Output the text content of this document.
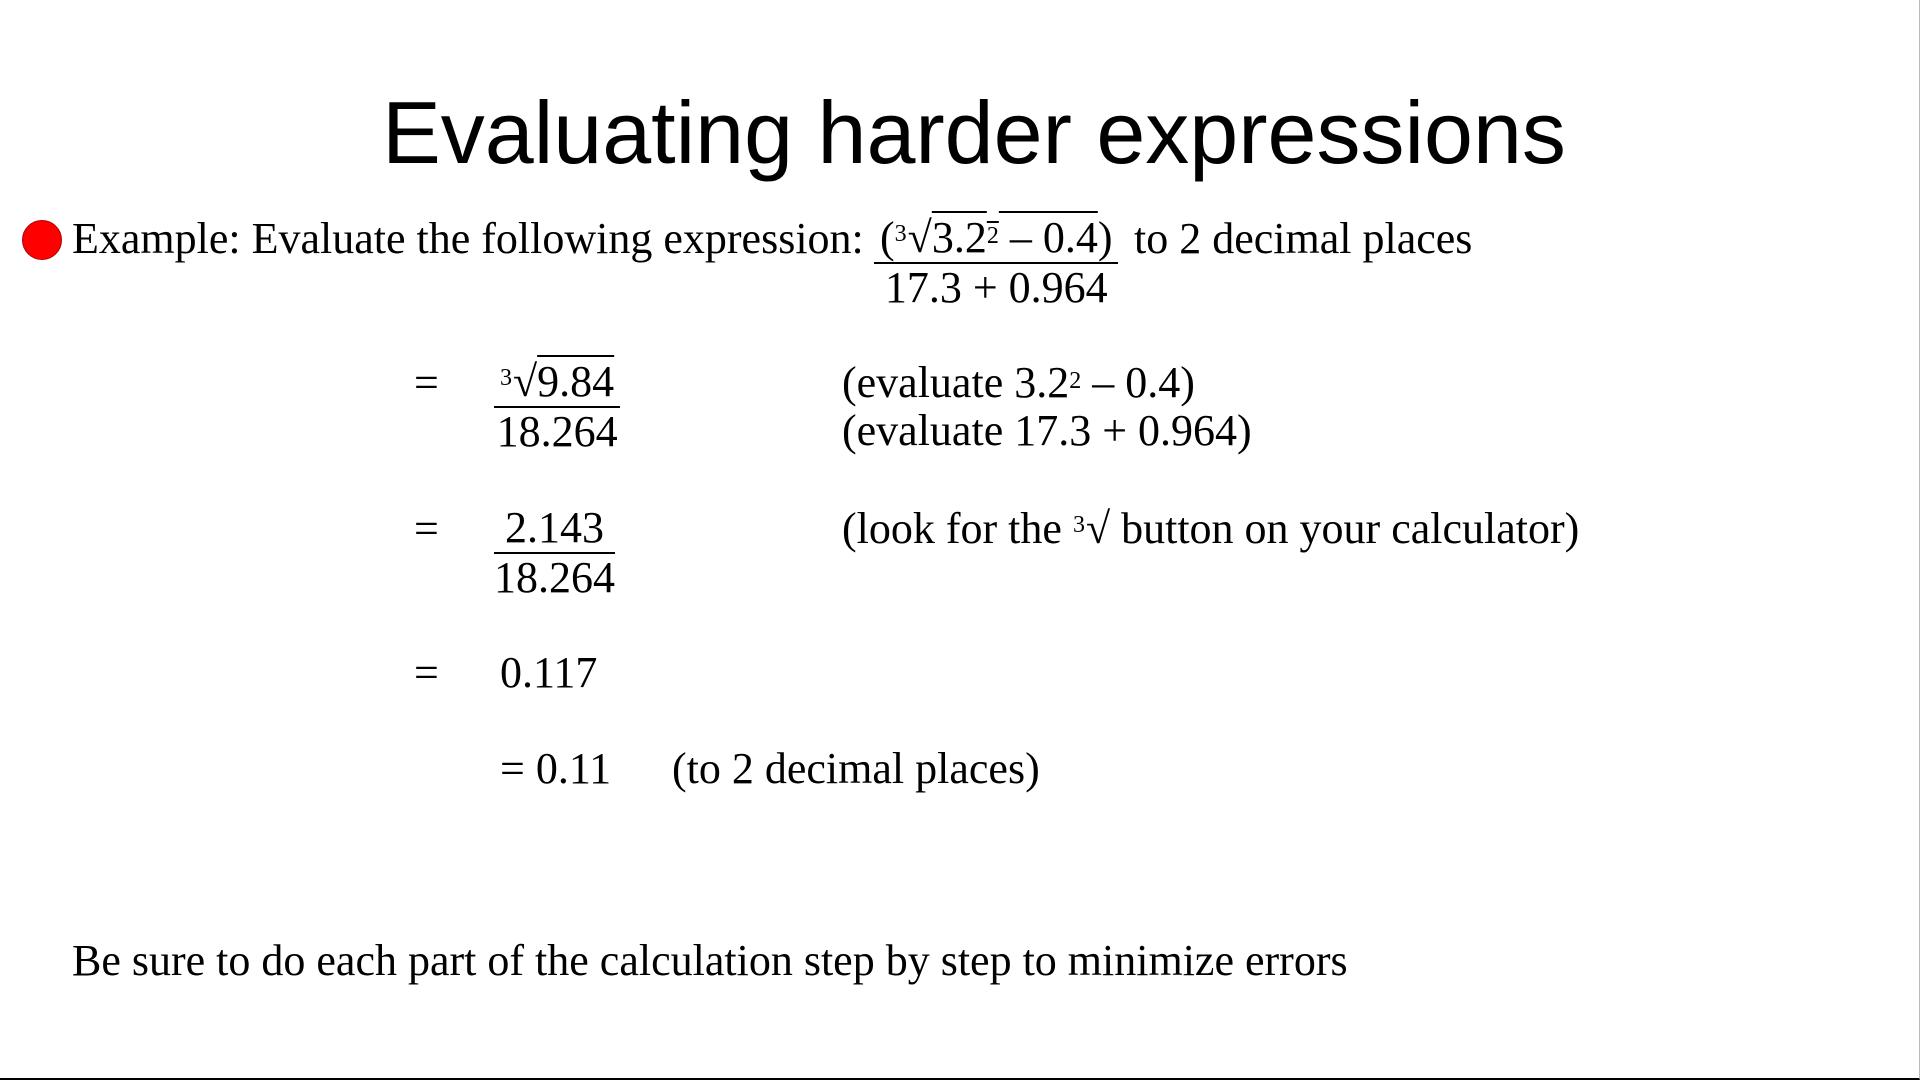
Evaluating harder expressions
Example: Evaluate the following expression: $\frac{(^3√3.2^2 - 0.4)}{17.3 + 0.964}$ to 2 decimal places
= $\frac{^3√9.84}{18.264}$	(evaluate $3.2^2 - 0.4$)
(evaluate 17.3 + 0.964)
= $\frac{2.143}{18.264}$	(look for the $^3$√ button on your calculator)
= 0.117
= 0.11 (to 2 decimal places)
Be sure to do each part of the calculation step by step to minimize errors
